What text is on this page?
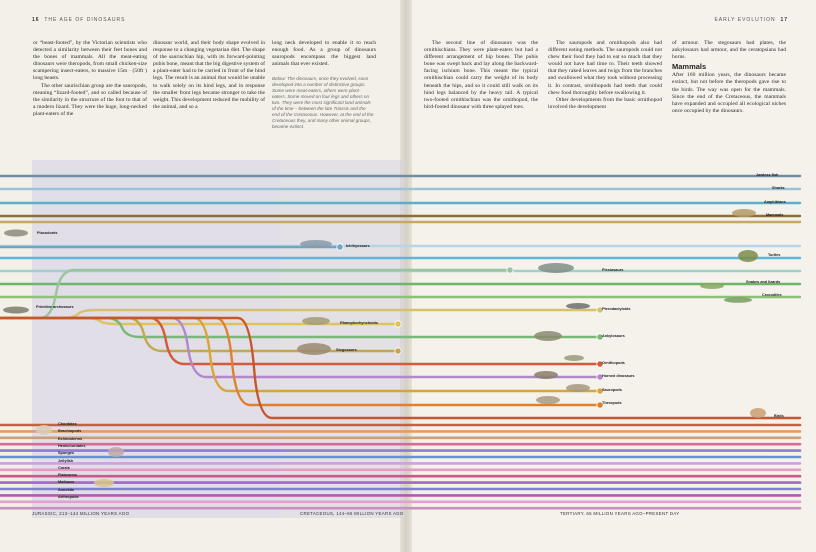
16 THE AGE OF DINOSAURS	EARLY EVOLUTION 17

or “beast-footed”, by the Victorian scientists who detected a similarity between their feet bones and the bones of mammals. All the meat-eating dinosaurs were theropods, from small chicken-size scampering insect-eaters, to massive 15m · (50ft ) long beasts.

The other saurischian group are the sauropods, meaning “lizard-footed”, and so called because of the similarity in the structure of the foot to that of a modern lizard. They were the huge, long-necked plant-eaters of the

dinosaur world, and their body shape evolved in response to a changing vegetarian diet. The shape of the saurischian hip, with its forward-pointing pubis bone, meant that the big digestive system of a plant-eater had to be carried in front of the hind legs. The result is an animal that would be unable to walk solely on its hind legs, and in response the smaller front legs became stronger to take the weight. This development reduced the mobility of the animal, and so a

long neck developed to enable it to reach enough food. As a group of dinosaurs sauropods encompass the biggest land animals that ever existed.

Below: The dinosaurs, once they evolved, soon developed into a number of distinctive groups. Some were meat-eaters, others were plant-eaters. Some moved on four legs and others on two. They were the most significant land animals of the time – between the late Triassic and the end of the Cretaceous. However, at the end of the Cretaceous they, and many other animal groups, became extinct.

The second line of dinosaurs was the ornithischians. They were plant-eaters but had a different arrangement of hip bones. The pubis bone was swept back and lay along the backward-facing ischium bone. This meant the typical ornithischian could carry the weight of its body beneath the hips, and so it could still walk on its hind legs balanced by the heavy tail. A typical two-footed ornithischian was the ornithopod, the bird-footed dinosaur with three splayed toes.

The sauropods and ornithopods also had different eating methods. The sauropods could not chew their food they had to eat so much that they would not have had time to. Their teeth showed that they raked leaves and twigs from the branches and swallowed what they took without processing it. In contrast, ornithopods had teeth that could chew food thoroughly before swallowing it.

Other developments from the basic ornithopod involved the development

of armour. The stegosaurs had plates, the ankylosaurs had armour, and the ceratopsians had horns.

Mammals

After 160 million years, the dinosaurs became extinct, but not before the theropods gave rise to the birds. The way was open for the mammals. Since the end of the Cretaceous, the mammals have expanded and occupied all ecological niches once occupied by the dinosaurs.

Jawless fish
Sharks
Amphibians
Mammals
Turtles
Snakes and lizards
Crocodiles
Plesiosaurs
Pterodactyloids
Ankylosaurs
Ornithopods
Horned dinosaurs
Sauropods
Theropods
Birds
Ichthyosaurs
Rhamphorhynchoids
Stegosaurs
Placodonts
Primitive archosaurs
Chordates
Brachiopods
Echinoderms
Hemichordates
Sponges
Jellyfish
Corals
Flatworms
Molluscs
Annelids
Arthropods
JURASSIC, 213–144 MILLION YEARS AGO	CRETACEOUS, 144–65 MILLION YEARS AGO	TERTIARY, 65 MILLION YEARS AGO–PRESENT DAY
